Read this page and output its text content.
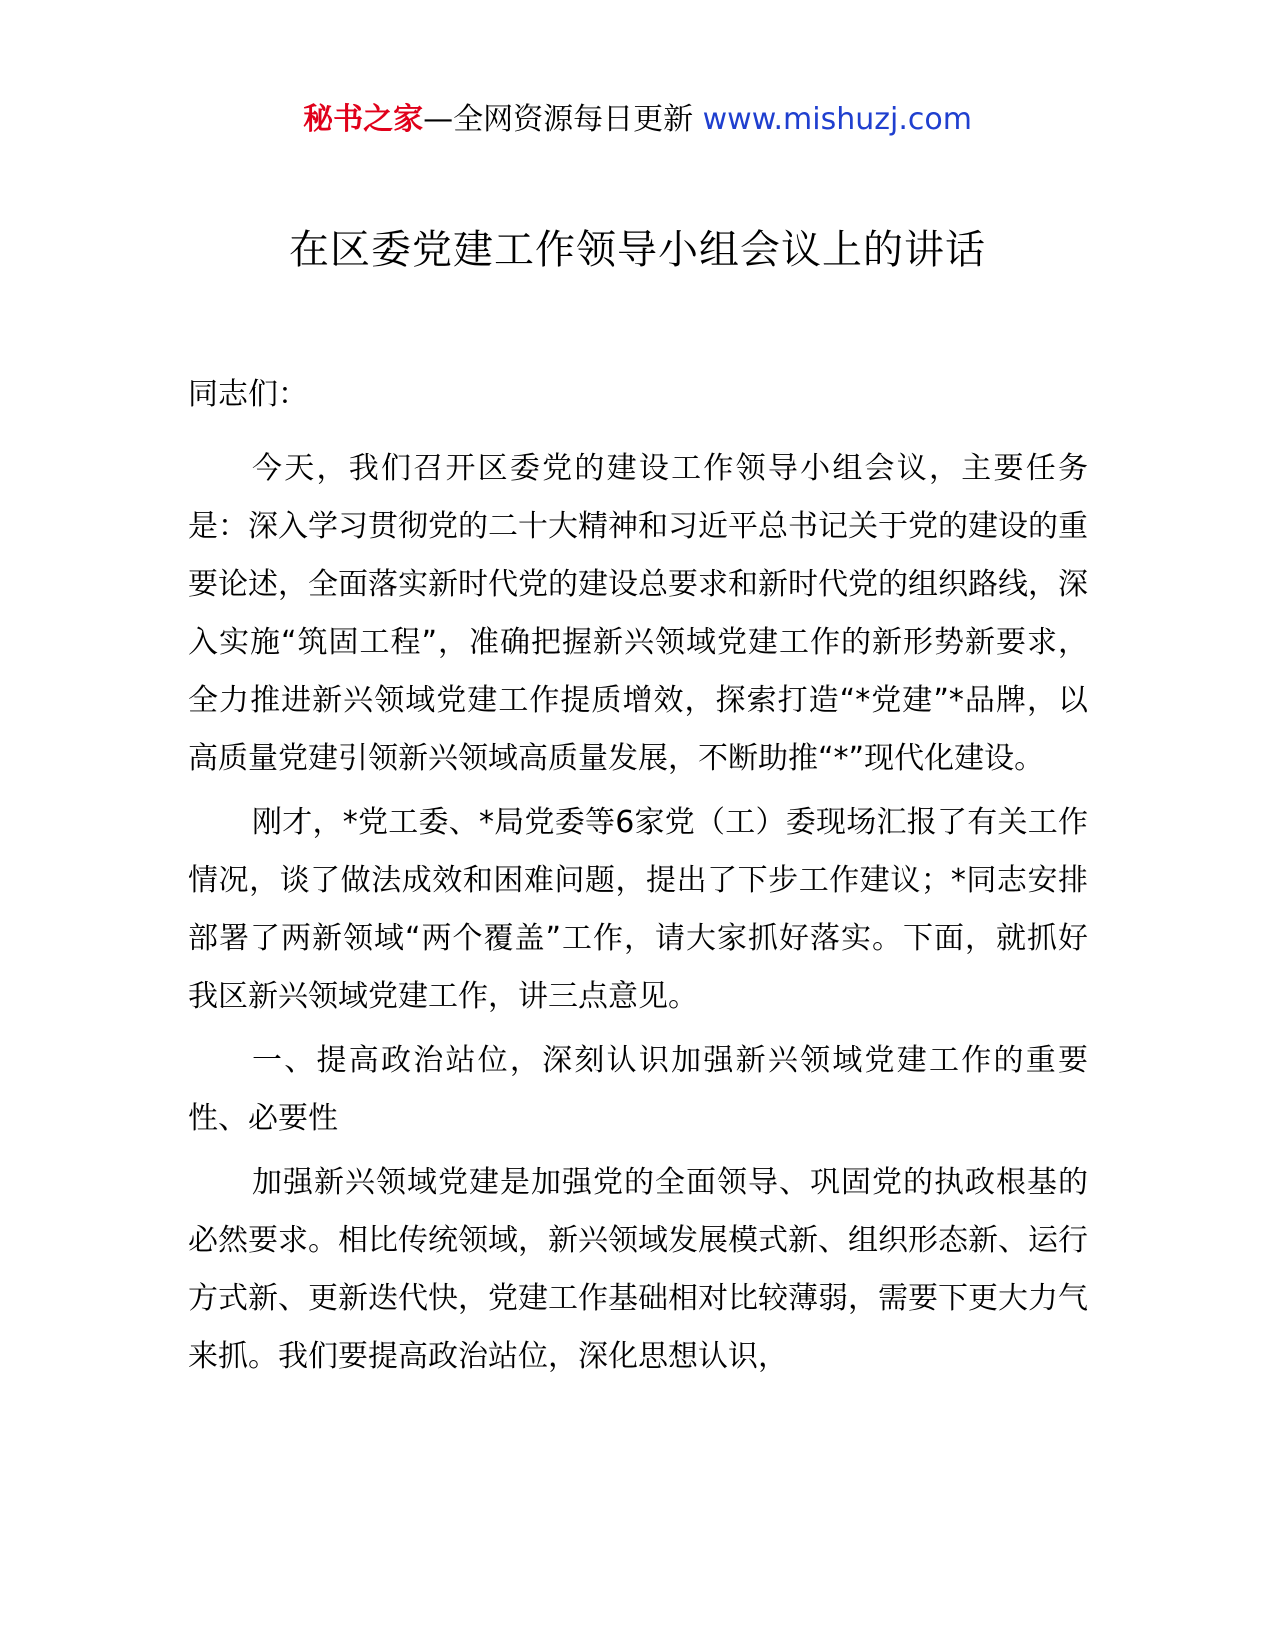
秘书之家—全网资源每日更新 www.mishuzj.com
在区委党建工作领导小组会议上的讲话

同志们：

今天，我们召开区委党的建设工作领导小组会议，主要任务是：深入学习贯彻党的二十大精神和习近平总书记关于党的建设的重要论述，全面落实新时代党的建设总要求和新时代党的组织路线，深入实施“筑固工程”，准确把握新兴领域党建工作的新形势新要求，全力推进新兴领域党建工作提质增效，探索打造“*党建”*品牌，以高质量党建引领新兴领域高质量发展，不断助推“*”现代化建设。

刚才，*党工委、*局党委等6家党（工）委现场汇报了有关工作情况，谈了做法成效和困难问题，提出了下步工作建议；*同志安排部署了两新领域“两个覆盖”工作，请大家抓好落实。下面，就抓好我区新兴领域党建工作，讲三点意见。

一、提高政治站位，深刻认识加强新兴领域党建工作的重要性、必要性

加强新兴领域党建是加强党的全面领导、巩固党的执政根基的必然要求。相比传统领域，新兴领域发展模式新、组织形态新、运行方式新、更新迭代快，党建工作基础相对比较薄弱，需要下更大力气来抓。我们要提高政治站位，深化思想认识，
